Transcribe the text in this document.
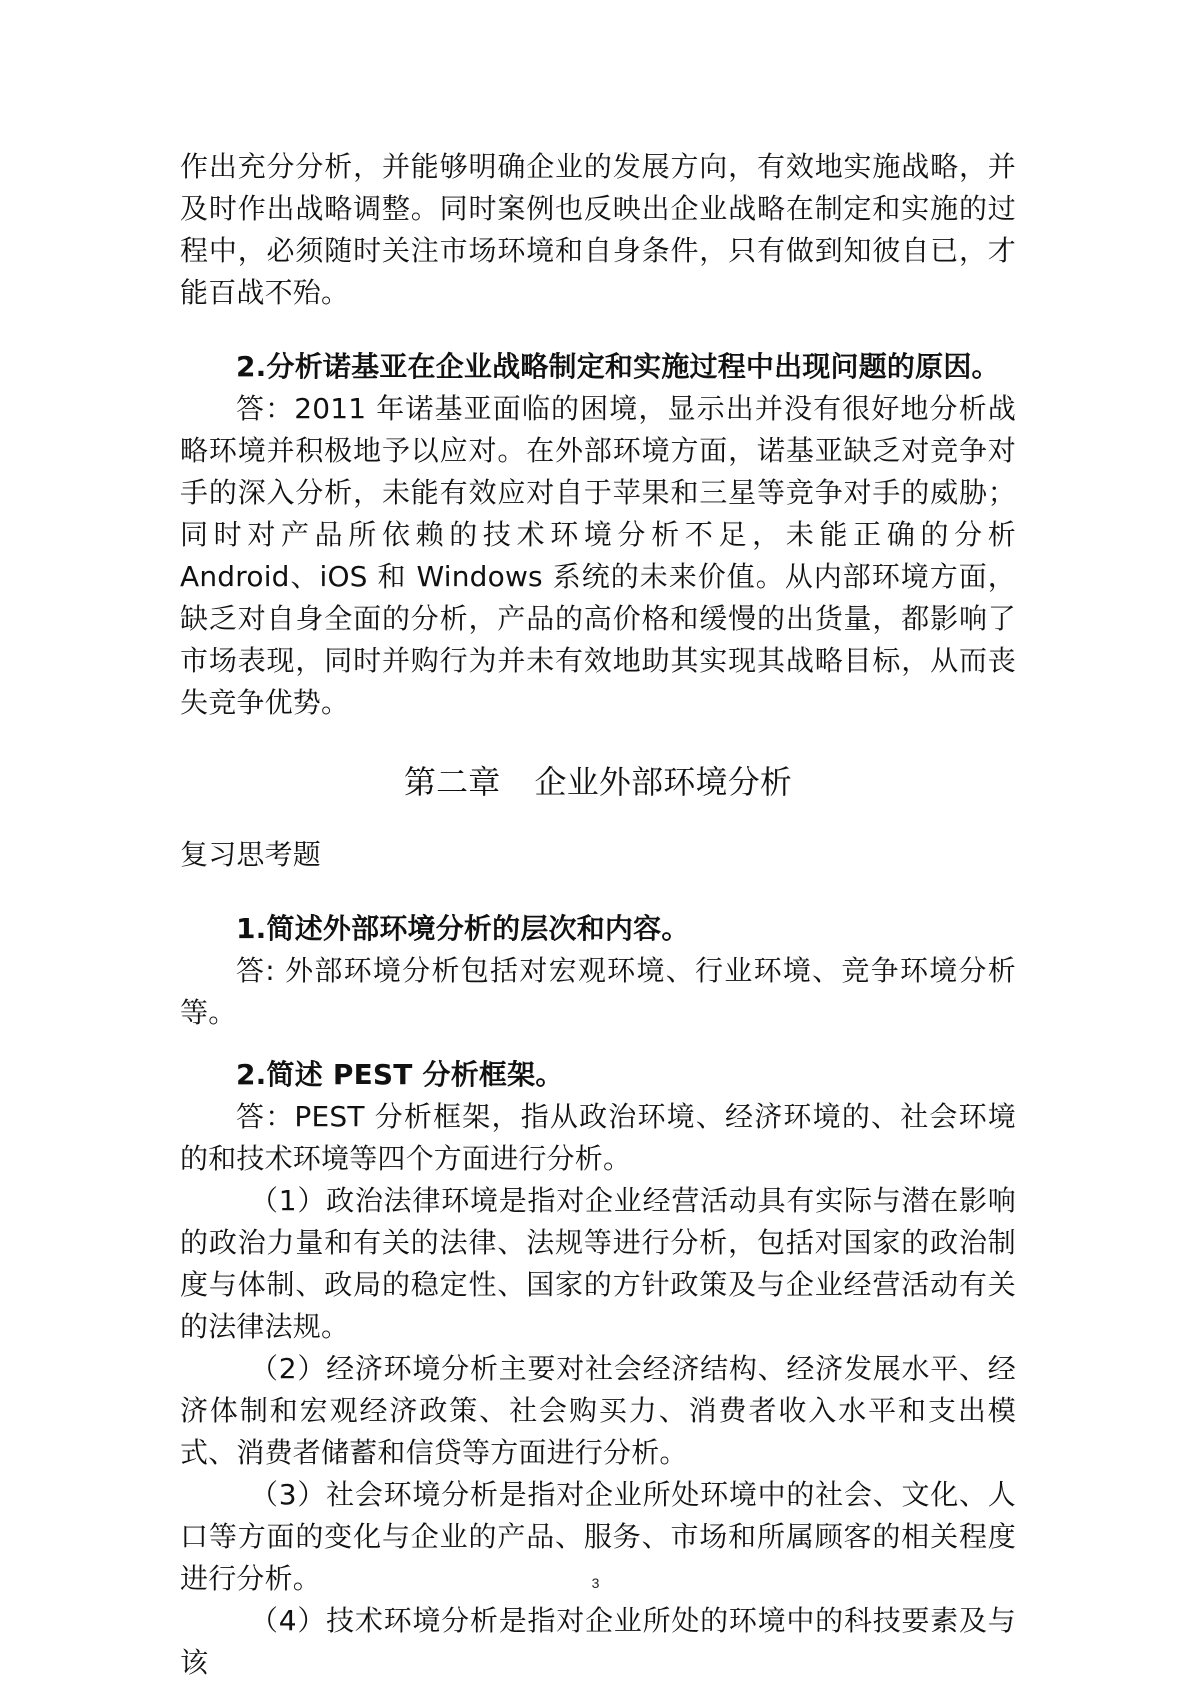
作出充分分析，并能够明确企业的发展方向，有效地实施战略，并及时作出战略调整。同时案例也反映出企业战略在制定和实施的过程中，必须随时关注市场环境和自身条件，只有做到知彼自已，才能百战不殆。

2.分析诺基亚在企业战略制定和实施过程中出现问题的原因。

答：2011 年诺基亚面临的困境，显示出并没有很好地分析战略环境并积极地予以应对。在外部环境方面，诺基亚缺乏对竞争对手的深入分析，未能有效应对自于苹果和三星等竞争对手的威胁；同时对产品所依赖的技术环境分析不足，未能正确的分析 Android、iOS 和 Windows 系统的未来价值。从内部环境方面，缺乏对自身全面的分析，产品的高价格和缓慢的出货量，都影响了市场表现，同时并购行为并未有效地助其实现其战略目标，从而丧失竞争优势。

第二章 企业外部环境分析

复习思考题

1.简述外部环境分析的层次和内容。

答: 外部环境分析包括对宏观环境、行业环境、竞争环境分析等。

2.简述 PEST 分析框架。

答：PEST 分析框架，指从政治环境、经济环境的、社会环境的和技术环境等四个方面进行分析。

（1）政治法律环境是指对企业经营活动具有实际与潜在影响的政治力量和有关的法律、法规等进行分析，包括对国家的政治制度与体制、政局的稳定性、国家的方针政策及与企业经营活动有关的法律法规。

（2）经济环境分析主要对社会经济结构、经济发展水平、经济体制和宏观经济政策、社会购买力、消费者收入水平和支出模式、消费者储蓄和信贷等方面进行分析。

（3）社会环境分析是指对企业所处环境中的社会、文化、人口等方面的变化与企业的产品、服务、市场和所属顾客的相关程度进行分析。

（4）技术环境分析是指对企业所处的环境中的科技要素及与该

3
